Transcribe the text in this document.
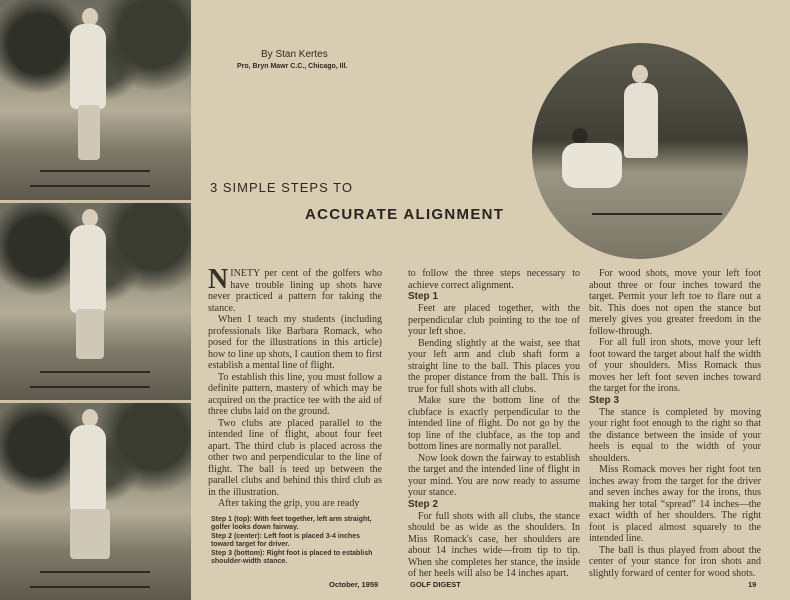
By Stan Kertes
Pro, Bryn Mawr C.C., Chicago, Ill.
3 SIMPLE STEPS TO
ACCURATE ALIGNMENT

NINETY per cent of the golfers who have trouble lining up shots have never practiced a pattern for taking the stance.

When I teach my students (including professionals like Barbara Romack, who posed for the illustrations in this article) how to line up shots, I caution them to first establish a mental line of flight.

To establish this line, you must follow a definite pattern, mastery of which may be acquired on the practice tee with the aid of three clubs laid on the ground.

Two clubs are placed parallel to the intended line of flight, about four feet apart. The third club is placed across the other two and perpendicular to the line of flight. The ball is teed up between the parallel clubs and behind this third club as in the illustration.

After taking the grip, you are ready

to follow the three steps necessary to achieve correct alignment.

Step 1

Feet are placed together, with the perpendicular club pointing to the toe of your left shoe.

Bending slightly at the waist, see that your left arm and club shaft form a straight line to the ball. This places you the proper distance from the ball. This is true for full shots with all clubs.

Make sure the bottom line of the clubface is exactly perpendicular to the intended line of flight. Do not go by the top line of the clubface, as the top and bottom lines are normally not parallel.

Now look down the fairway to establish the target and the intended line of flight in your mind. You are now ready to assume your stance.

Step 2

For full shots with all clubs, the stance should be as wide as the shoulders. In Miss Romack's case, her shoulders are about 14 inches wide—from tip to tip. When she completes her stance, the inside of her heels will also be 14 inches apart.

For wood shots, move your left foot about three or four inches toward the target. Permit your left toe to flare out a bit. This does not open the stance but merely gives you greater freedom in the follow-through.

For all full iron shots, move your left foot toward the target about half the width of your shoulders. Miss Romack thus moves her left foot seven inches toward the target for the irons.

Step 3

The stance is completed by moving your right foot enough to the right so that the distance between the inside of your heels is equal to the width of your shoulders.

Miss Romack moves her right foot ten inches away from the target for the driver and seven inches away for the irons, thus making her total “spread” 14 inches—the exact width of her shoulders. The right foot is placed almost squarely to the intended line.

The ball is thus played from about the center of your stance for iron shots and slightly forward of center for wood shots.

Step 1 (top): With feet together, left arm straight, golfer looks down fairway.
Step 2 (center): Left foot is placed 3-4 inches toward target for driver.
Step 3 (bottom): Right foot is placed to establish shoulder-width stance.
October, 1959	GOLF DIGEST	19
